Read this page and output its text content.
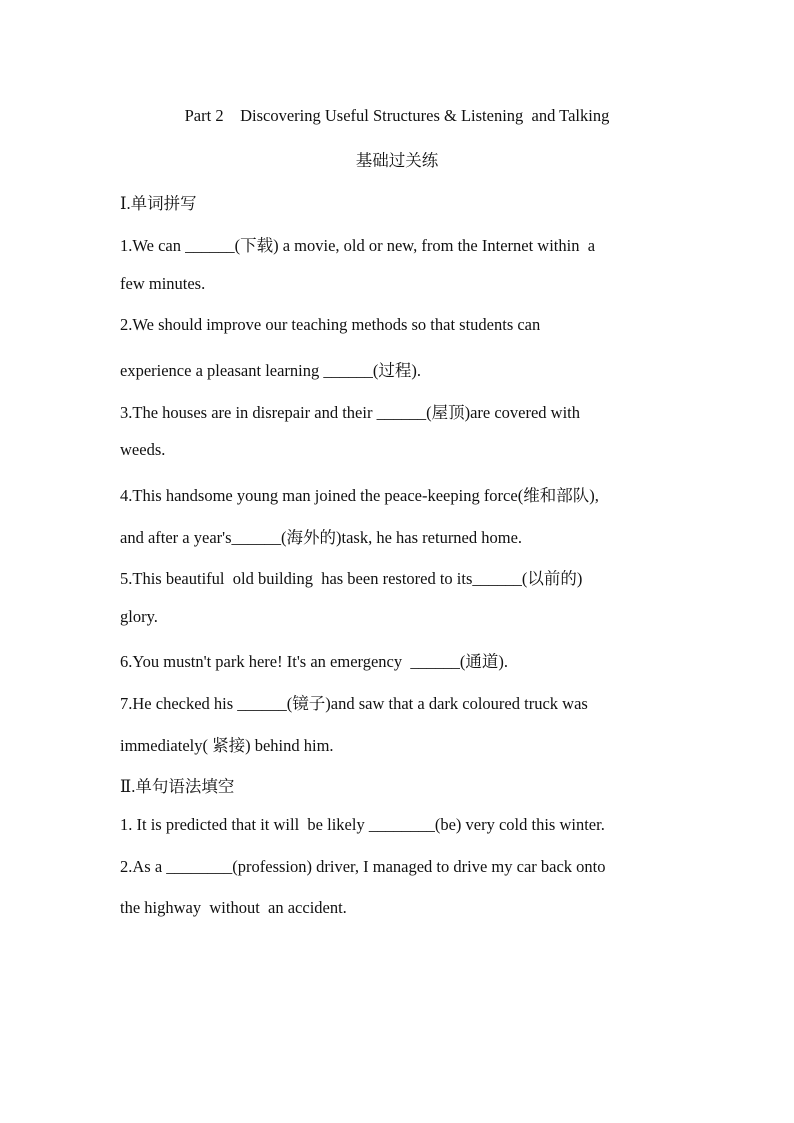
Part 2    Discovering Useful Structures & Listening  and Talking
基础过关练
Ⅰ.单词拼写
1.We can ______(下载) a movie, old or new, from the Internet within  a
few minutes.
2.We should improve our teaching methods so that students can
experience a pleasant learning ______(过程).
3.The houses are in disrepair and their ______(屋顶)are covered with
weeds.
4.This handsome young man joined the peace-keeping force(维和部队),
and after a year's______(海外的)task, he has returned home.
5.This beautiful  old building  has been restored to its______(以前的)
glory.
6.You mustn't park here! It's an emergency  ______(通道).
7.He checked his ______(镜子)and saw that a dark coloured truck was
immediately( 紧接) behind him.
Ⅱ.单句语法填空
1. It is predicted that it will  be likely ________(be) very cold this winter.
2.As a ________(profession) driver, I managed to drive my car back onto
the highway  without  an accident.
